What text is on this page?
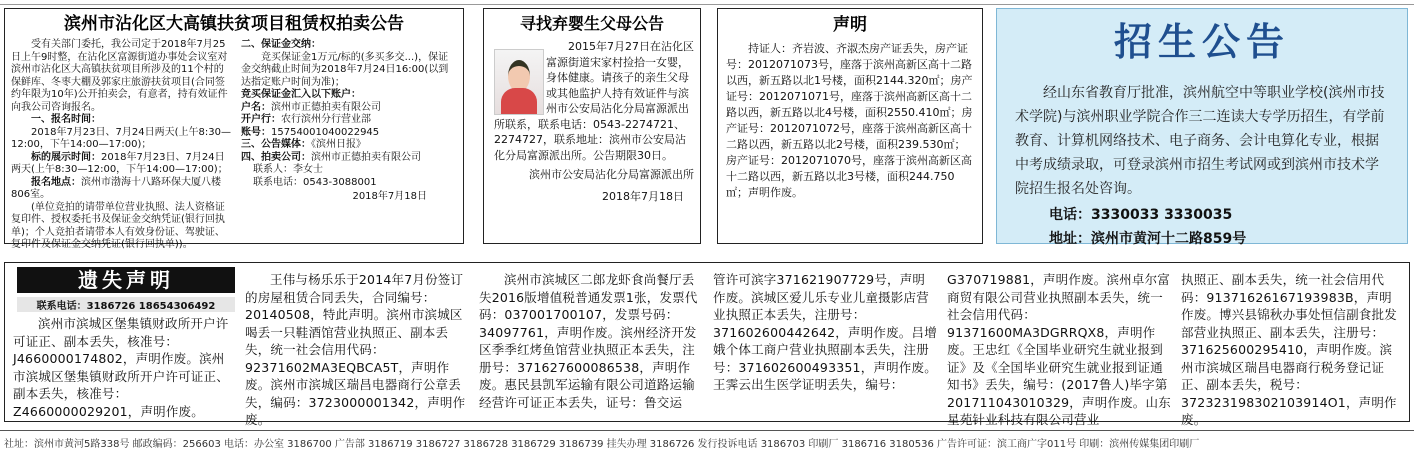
滨州市沾化区大高镇扶贫项目租赁权拍卖公告
受有关部门委托，我公司定于2018年7月25日上午9时整，在沾化区富源街道办事处会议室对滨州市沾化区大高镇扶贫项目所涉及的11个村的保鲜库、冬枣大棚及郭家庄旅游扶贫项目(合同签约年限为10年)公开拍卖会，有意者，持有效证件向我公司咨询报名。
一、报名时间：
2018年7月23日、7月24日两天(上午8:30—12:00，下午14:00—17:00)；
标的展示时间：2018年7月23日、7月24日两天(上午8:30—12:00，下午14:00—17:00)；
报名地点：滨州市渤海十八路环保大厦八楼806室。
(单位竞拍的请带单位营业执照、法人资格证复印件、授权委托书及保证金交纳凭证(银行回执单)；个人竞拍者请带本人有效身份证、驾驶证、复印件及保证金交纳凭证(银行回执单))。
二、保证金交纳：
竞买保证金1万元/标的(多买多交...)，保证金交纳截止时间为2018年7月24日16:00(以到达指定账户时间为准)；
竞买保证金汇入以下账户：
户名：滨州市正德拍卖有限公司
开户行：农行滨州分行营业部
账号：15754001040022945
三、公告媒体：《滨州日报》
四、拍卖公司：滨州市正德拍卖有限公司
联系人：李女士
联系电话：0543-3088001
2018年7月18日
寻找弃婴生父母公告
2015年7月27日在沾化区富源街道宋家村捡拾一女婴，身体健康。请孩子的亲生父母或其他监护人持有效证件与滨州市公安局沾化分局富源派出所联系，联系电话：0543-2274721、2274727，联系地址：滨州市公安局沾化分局富源派出所。公告期限30日。
滨州市公安局沾化分局富源派出所
2018年7月18日
声明
持证人：齐岩波、齐淑杰房产证丢失，房产证号：2012071073号，座落于滨州高新区高十二路以西，新五路以北1号楼，面积2144.320㎡；房产证号：2012071071号，座落于滨州高新区高十二路以西，新五路以北4号楼，面积2550.410㎡；房产证号：2012071072号，座落于滨州高新区高十二路以西，新五路以北2号楼，面积239.530㎡；房产证号：2012071070号，座落于滨州高新区高十二路以西，新五路以北3号楼，面积244.750㎡；声明作废。
招生公告
经山东省教育厅批准，滨州航空中等职业学校(滨州市技术学院)与滨州职业学院合作三二连读大专学历招生，有学前教育、计算机网络技术、电子商务、会计电算化专业，根据中考成绩录取，可登录滨州市招生考试网或到滨州市技术学院招生报名处咨询。
电话：3330033 3330035
地址：滨州市黄河十二路859号
遗失声明
联系电话：3186726 18654306492

滨州市滨城区堡集镇财政所开户许可证正、副本丢失，核准号：J4660000174802，声明作废。滨州市滨城区堡集镇财政所开户许可证正、副本丢失，核准号：Z4660000029201，声明作废。

王伟与杨乐乐于2014年7月份签订的房屋租赁合同丢失，合同编号：20140508，特此声明。滨州市滨城区喝丢一只鞋酒馆营业执照正、副本丢失，统一社会信用代码：92371602MA3EQBCA5T，声明作废。滨州市滨城区瑞昌电器商行公章丢失，编码：3723000001342，声明作废。

滨州市滨城区二郎龙虾食尚餐厅丢失2016版增值税普通发票1张，发票代码：037001700107，发票号码：34097761，声明作废。滨州经济开发区季季红烤鱼馆营业执照正本丢失，注册号：371627600086538，声明作废。惠民县凯军运输有限公司道路运输经营许可证正本丢失，证号：鲁交运

管许可滨字371621907729号，声明作废。滨城区爱儿乐专业儿童摄影店营业执照正本丢失，注册号：371602600442642，声明作废。吕增娥个体工商户营业执照副本丢失，注册号：371602600493351，声明作废。王霁云出生医学证明丢失，编号：

G370719881，声明作废。滨州卓尔富商贸有限公司营业执照副本丢失，统一社会信用代码：91371600MA3DGRRQX8，声明作废。王忠红《全国毕业研究生就业报到证》及《全国毕业研究生就业报到证通知书》丢失，编号：(2017鲁人)毕字第201711043010329，声明作废。山东星苑针业科技有限公司营业

执照正、副本丢失，统一社会信用代码：91371626167193983B，声明作废。博兴县锦秋办事处恒信副食批发部营业执照正、副本丢失，注册号：371625600295410，声明作废。滨州市滨城区瑞昌电器商行税务登记证正、副本丢失，税号：372323198302103914O1，声明作废。

社址：滨州市黄河5路338号 邮政编码：256603 电话：办公室 3186700 广告部 3186719 3186727 3186728 3186729 3186739 挂失办理 3186726 发行投诉电话 3186703 印刷厂 3186716 3180536 广告许可证：滨工商广字011号 印刷：滨州传媒集团印刷厂
